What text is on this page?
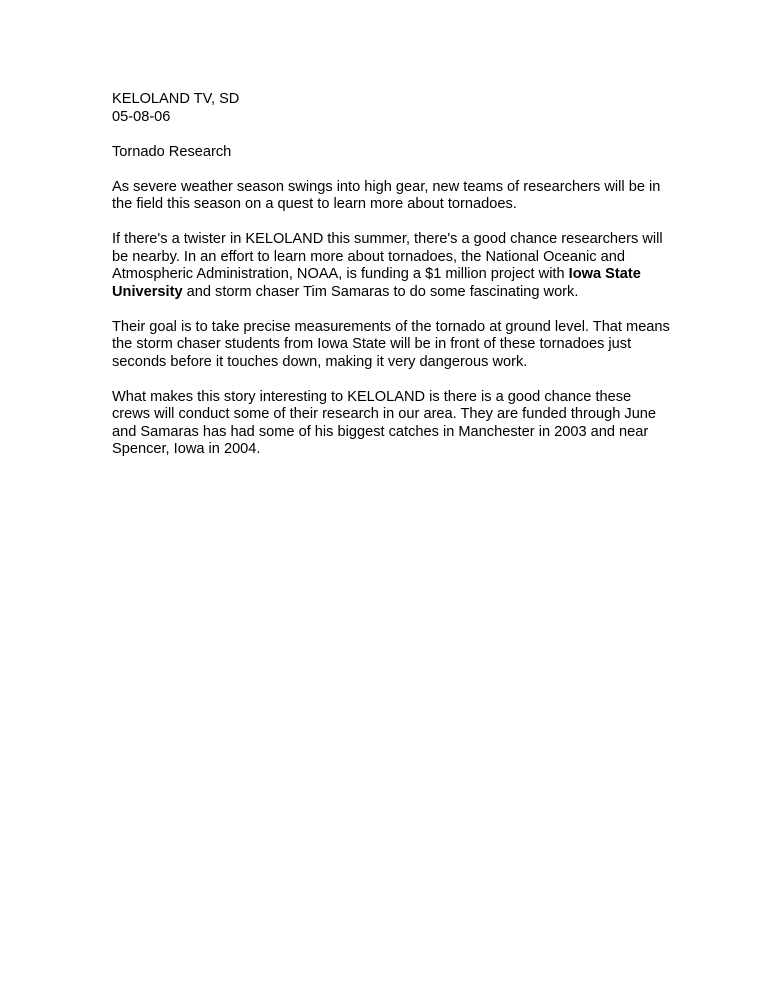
KELOLAND TV, SD
05-08-06

Tornado Research

As severe weather season swings into high gear, new teams of researchers will be in the field this season on a quest to learn more about tornadoes.

If there's a twister in KELOLAND this summer, there's a good chance researchers will be nearby. In an effort to learn more about tornadoes, the National Oceanic and Atmospheric Administration, NOAA, is funding a $1 million project with Iowa State University and storm chaser Tim Samaras to do some fascinating work.

Their goal is to take precise measurements of the tornado at ground level. That means the storm chaser students from Iowa State will be in front of these tornadoes just seconds before it touches down, making it very dangerous work.

What makes this story interesting to KELOLAND is there is a good chance these crews will conduct some of their research in our area. They are funded through June and Samaras has had some of his biggest catches in Manchester in 2003 and near Spencer, Iowa in 2004.
